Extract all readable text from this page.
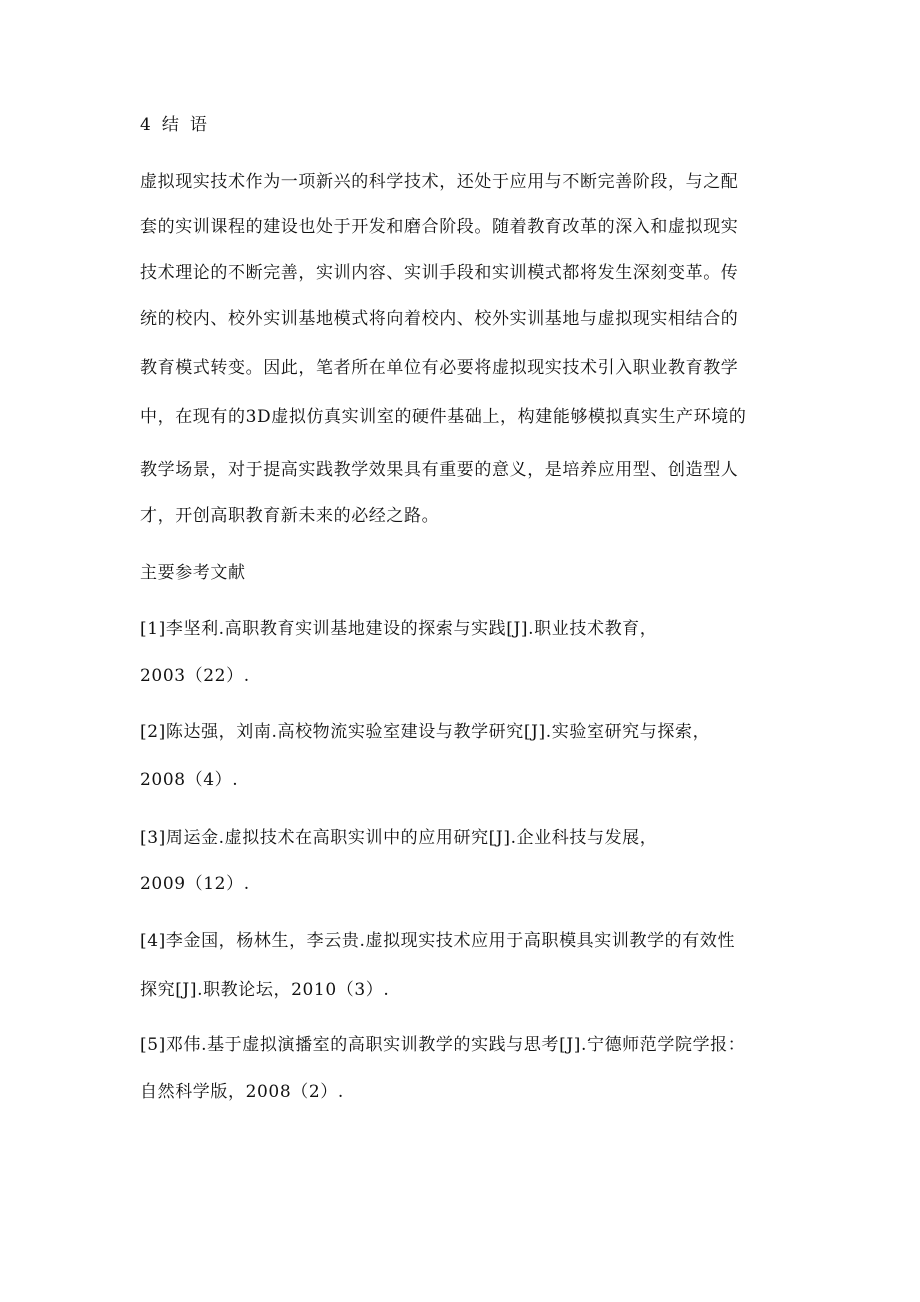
4 结 语
虚拟现实技术作为一项新兴的科学技术，还处于应用与不断完善阶段，与之配
套的实训课程的建设也处于开发和磨合阶段。随着教育改革的深入和虚拟现实
技术理论的不断完善，实训内容、实训手段和实训模式都将发生深刻变革。传
统的校内、校外实训基地模式将向着校内、校外实训基地与虚拟现实相结合的
教育模式转变。因此，笔者所在单位有必要将虚拟现实技术引入职业教育教学
中，在现有的3D虚拟仿真实训室的硬件基础上，构建能够模拟真实生产环境的
教学场景，对于提高实践教学效果具有重要的意义，是培养应用型、创造型人
才，开创高职教育新未来的必经之路。
主要参考文献
[1]李坚利.高职教育实训基地建设的探索与实践[J].职业技术教育，
2003（22）.
[2]陈达强，刘南.高校物流实验室建设与教学研究[J].实验室研究与探索，
2008（4）.
[3]周运金.虚拟技术在高职实训中的应用研究[J].企业科技与发展，
2009（12）.
[4]李金国，杨林生，李云贵.虚拟现实技术应用于高职模具实训教学的有效性
探究[J].职教论坛，2010（3）.
[5]邓伟.基于虚拟演播室的高职实训教学的实践与思考[J].宁德师范学院学报：
自然科学版，2008（2）.
